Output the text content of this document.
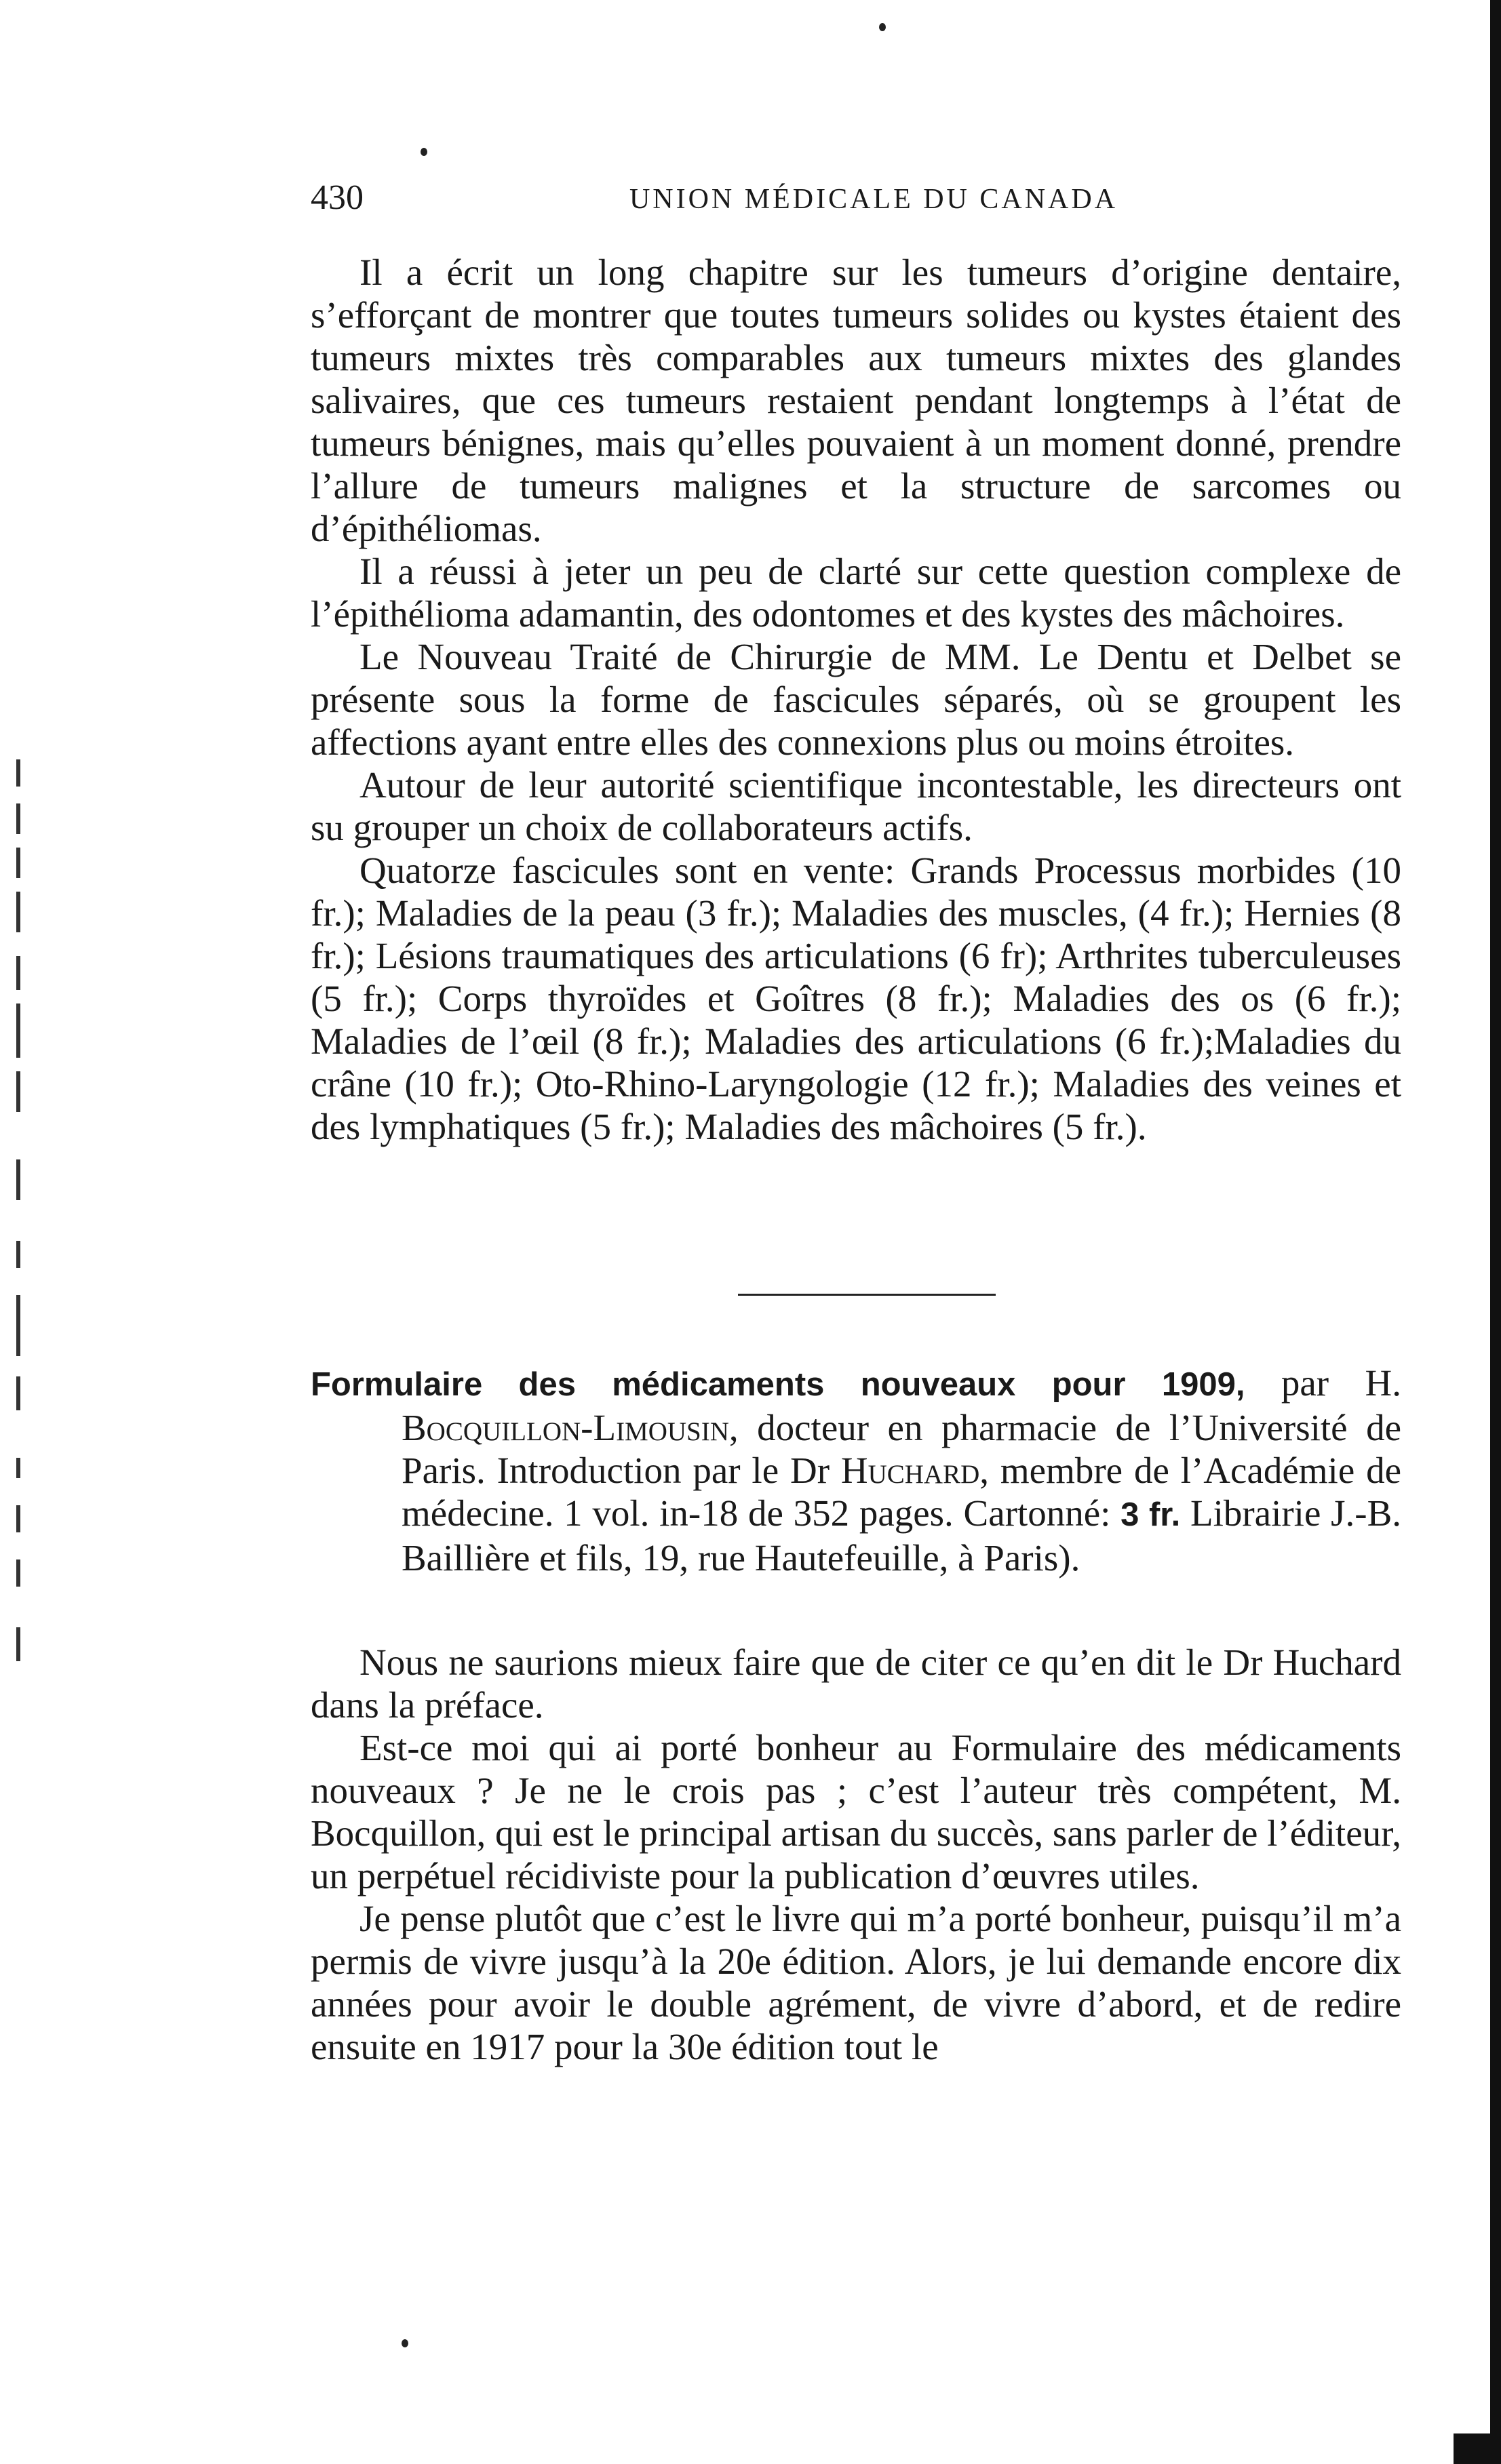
430	UNION MÉDICALE DU CANADA

Il a écrit un long chapitre sur les tumeurs d’origine dentaire, s’efforçant de montrer que toutes tumeurs solides ou kystes étaient des tumeurs mixtes très comparables aux tumeurs mixtes des glandes salivaires, que ces tumeurs restaient pendant longtemps à l’état de tumeurs bénignes, mais qu’elles pouvaient à un moment donné, prendre l’allure de tumeurs malignes et la structure de sarcomes ou d’épithéliomas.

Il a réussi à jeter un peu de clarté sur cette question complexe de l’épithélioma adamantin, des odontomes et des kystes des mâchoires.

Le Nouveau Traité de Chirurgie de MM. Le Dentu et Delbet se présente sous la forme de fascicules séparés, où se groupent les affections ayant entre elles des connexions plus ou moins étroites.

Autour de leur autorité scientifique incontestable, les directeurs ont su grouper un choix de collaborateurs actifs.

Quatorze fascicules sont en vente: Grands Processus morbides (10 fr.); Maladies de la peau (3 fr.); Maladies des muscles, (4 fr.); Hernies (8 fr.); Lésions traumatiques des articulations (6 fr); Arthrites tuberculeuses (5 fr.); Corps thyroïdes et Goîtres (8 fr.); Maladies des os (6 fr.); Maladies de l’œil (8 fr.); Maladies des articulations (6 fr.);Maladies du crâne (10 fr.); Oto-Rhino-Laryngologie (12 fr.); Maladies des veines et des lymphatiques (5 fr.); Maladies des mâchoires (5 fr.).

Formulaire des médicaments nouveaux pour 1909, par H. Bocquillon-Limousin, docteur en pharmacie de l’Université de Paris. Introduction par le Dr Huchard, membre de l’Académie de médecine. 1 vol. in-18 de 352 pages. Cartonné: 3 fr. Librairie J.-B. Baillière et fils, 19, rue Hautefeuille, à Paris).

Nous ne saurions mieux faire que de citer ce qu’en dit le Dr Huchard dans la préface.

Est-ce moi qui ai porté bonheur au Formulaire des médicaments nouveaux ? Je ne le crois pas ; c’est l’auteur très compétent, M. Bocquillon, qui est le principal artisan du succès, sans parler de l’éditeur, un perpétuel récidiviste pour la publication d’œuvres utiles.

Je pense plutôt que c’est le livre qui m’a porté bonheur, puisqu’il m’a permis de vivre jusqu’à la 20e édition. Alors, je lui demande encore dix années pour avoir le double agrément, de vivre d’abord, et de redire ensuite en 1917 pour la 30e édition tout le
